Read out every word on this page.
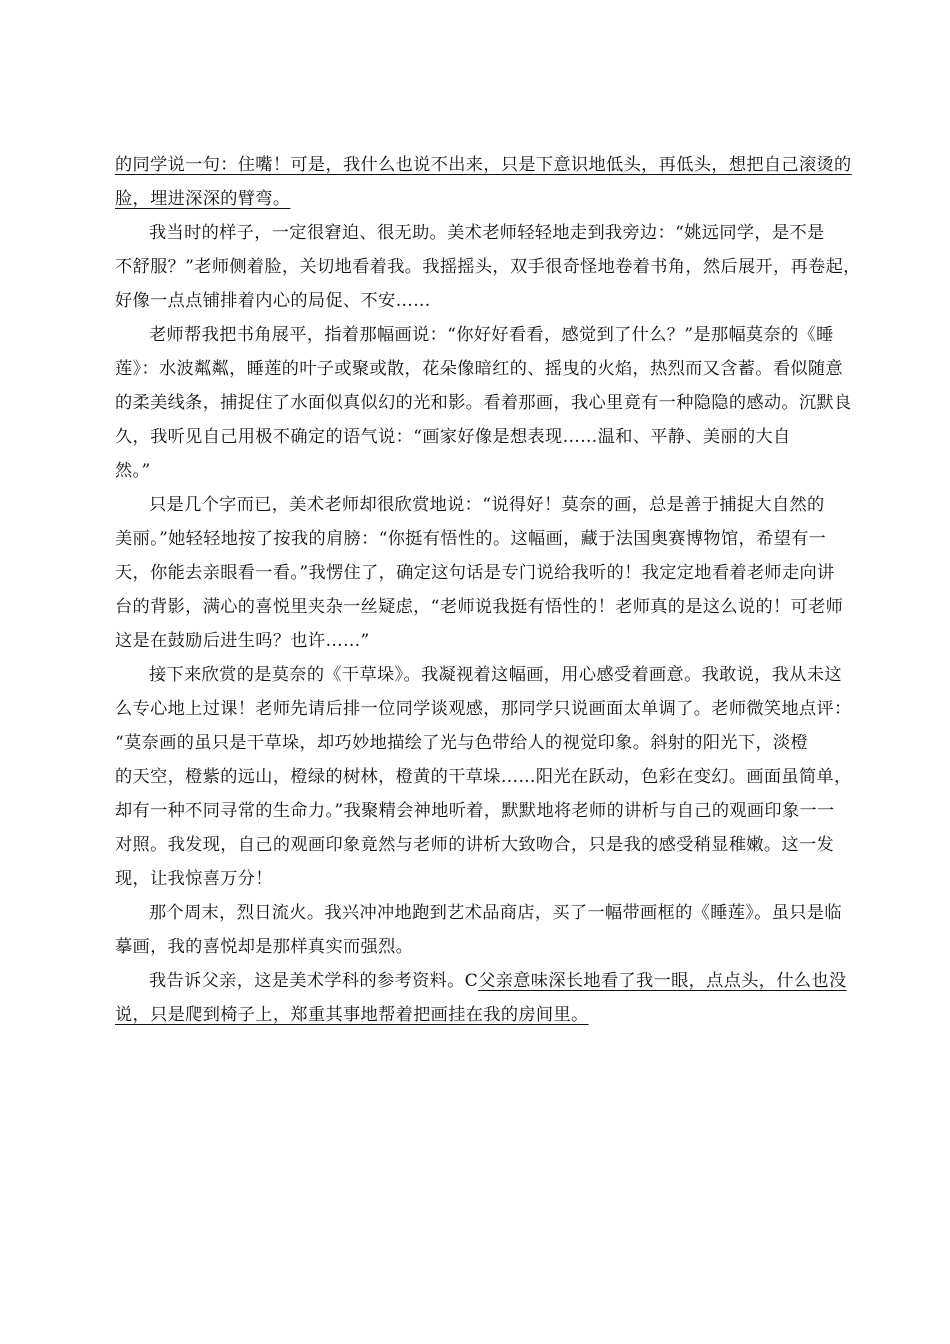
的同学说一句：住嘴！可是，我什么也说不出来，只是下意识地低头，再低头，想把自己滚烫的
脸，埋进深深的臂弯。
我当时的样子，一定很窘迫、很无助。美术老师轻轻地走到我旁边：“姚远同学，是不是
不舒服？”老师侧着脸，关切地看着我。我摇摇头，双手很奇怪地卷着书角，然后展开，再卷起，
好像一点点铺排着内心的局促、不安……
老师帮我把书角展平，指着那幅画说：“你好好看看，感觉到了什么？”是那幅莫奈的《睡
莲》：水波粼粼，睡莲的叶子或聚或散，花朵像暗红的、摇曳的火焰，热烈而又含蓄。看似随意
的柔美线条，捕捉住了水面似真似幻的光和影。看着那画，我心里竟有一种隐隐的感动。沉默良
久，我听见自己用极不确定的语气说：“画家好像是想表现……温和、平静、美丽的大自
然。”
只是几个字而已，美术老师却很欣赏地说：“说得好！莫奈的画，总是善于捕捉大自然的
美丽。”她轻轻地按了按我的肩膀：“你挺有悟性的。这幅画，藏于法国奥赛博物馆，希望有一
天，你能去亲眼看一看。”我愣住了，确定这句话是专门说给我听的！我定定地看着老师走向讲
台的背影，满心的喜悦里夹杂一丝疑虑，“老师说我挺有悟性的！老师真的是这么说的！可老师
这是在鼓励后进生吗？也许……”
接下来欣赏的是莫奈的《干草垛》。我凝视着这幅画，用心感受着画意。我敢说，我从未这
么专心地上过课！老师先请后排一位同学谈观感，那同学只说画面太单调了。老师微笑地点评：
“莫奈画的虽只是干草垛，却巧妙地描绘了光与色带给人的视觉印象。斜射的阳光下，淡橙
的天空，橙紫的远山，橙绿的树林，橙黄的干草垛……阳光在跃动，色彩在变幻。画面虽简单，
却有一种不同寻常的生命力。”我聚精会神地听着，默默地将老师的讲析与自己的观画印象一一
对照。我发现，自己的观画印象竟然与老师的讲析大致吻合，只是我的感受稍显稚嫩。这一发
现，让我惊喜万分！
那个周末，烈日流火。我兴冲冲地跑到艺术品商店，买了一幅带画框的《睡莲》。虽只是临
摹画，我的喜悦却是那样真实而强烈。
我告诉父亲，这是美术学科的参考资料。C父亲意味深长地看了我一眼，点点头，什么也没
说，只是爬到椅子上，郑重其事地帮着把画挂在我的房间里。
